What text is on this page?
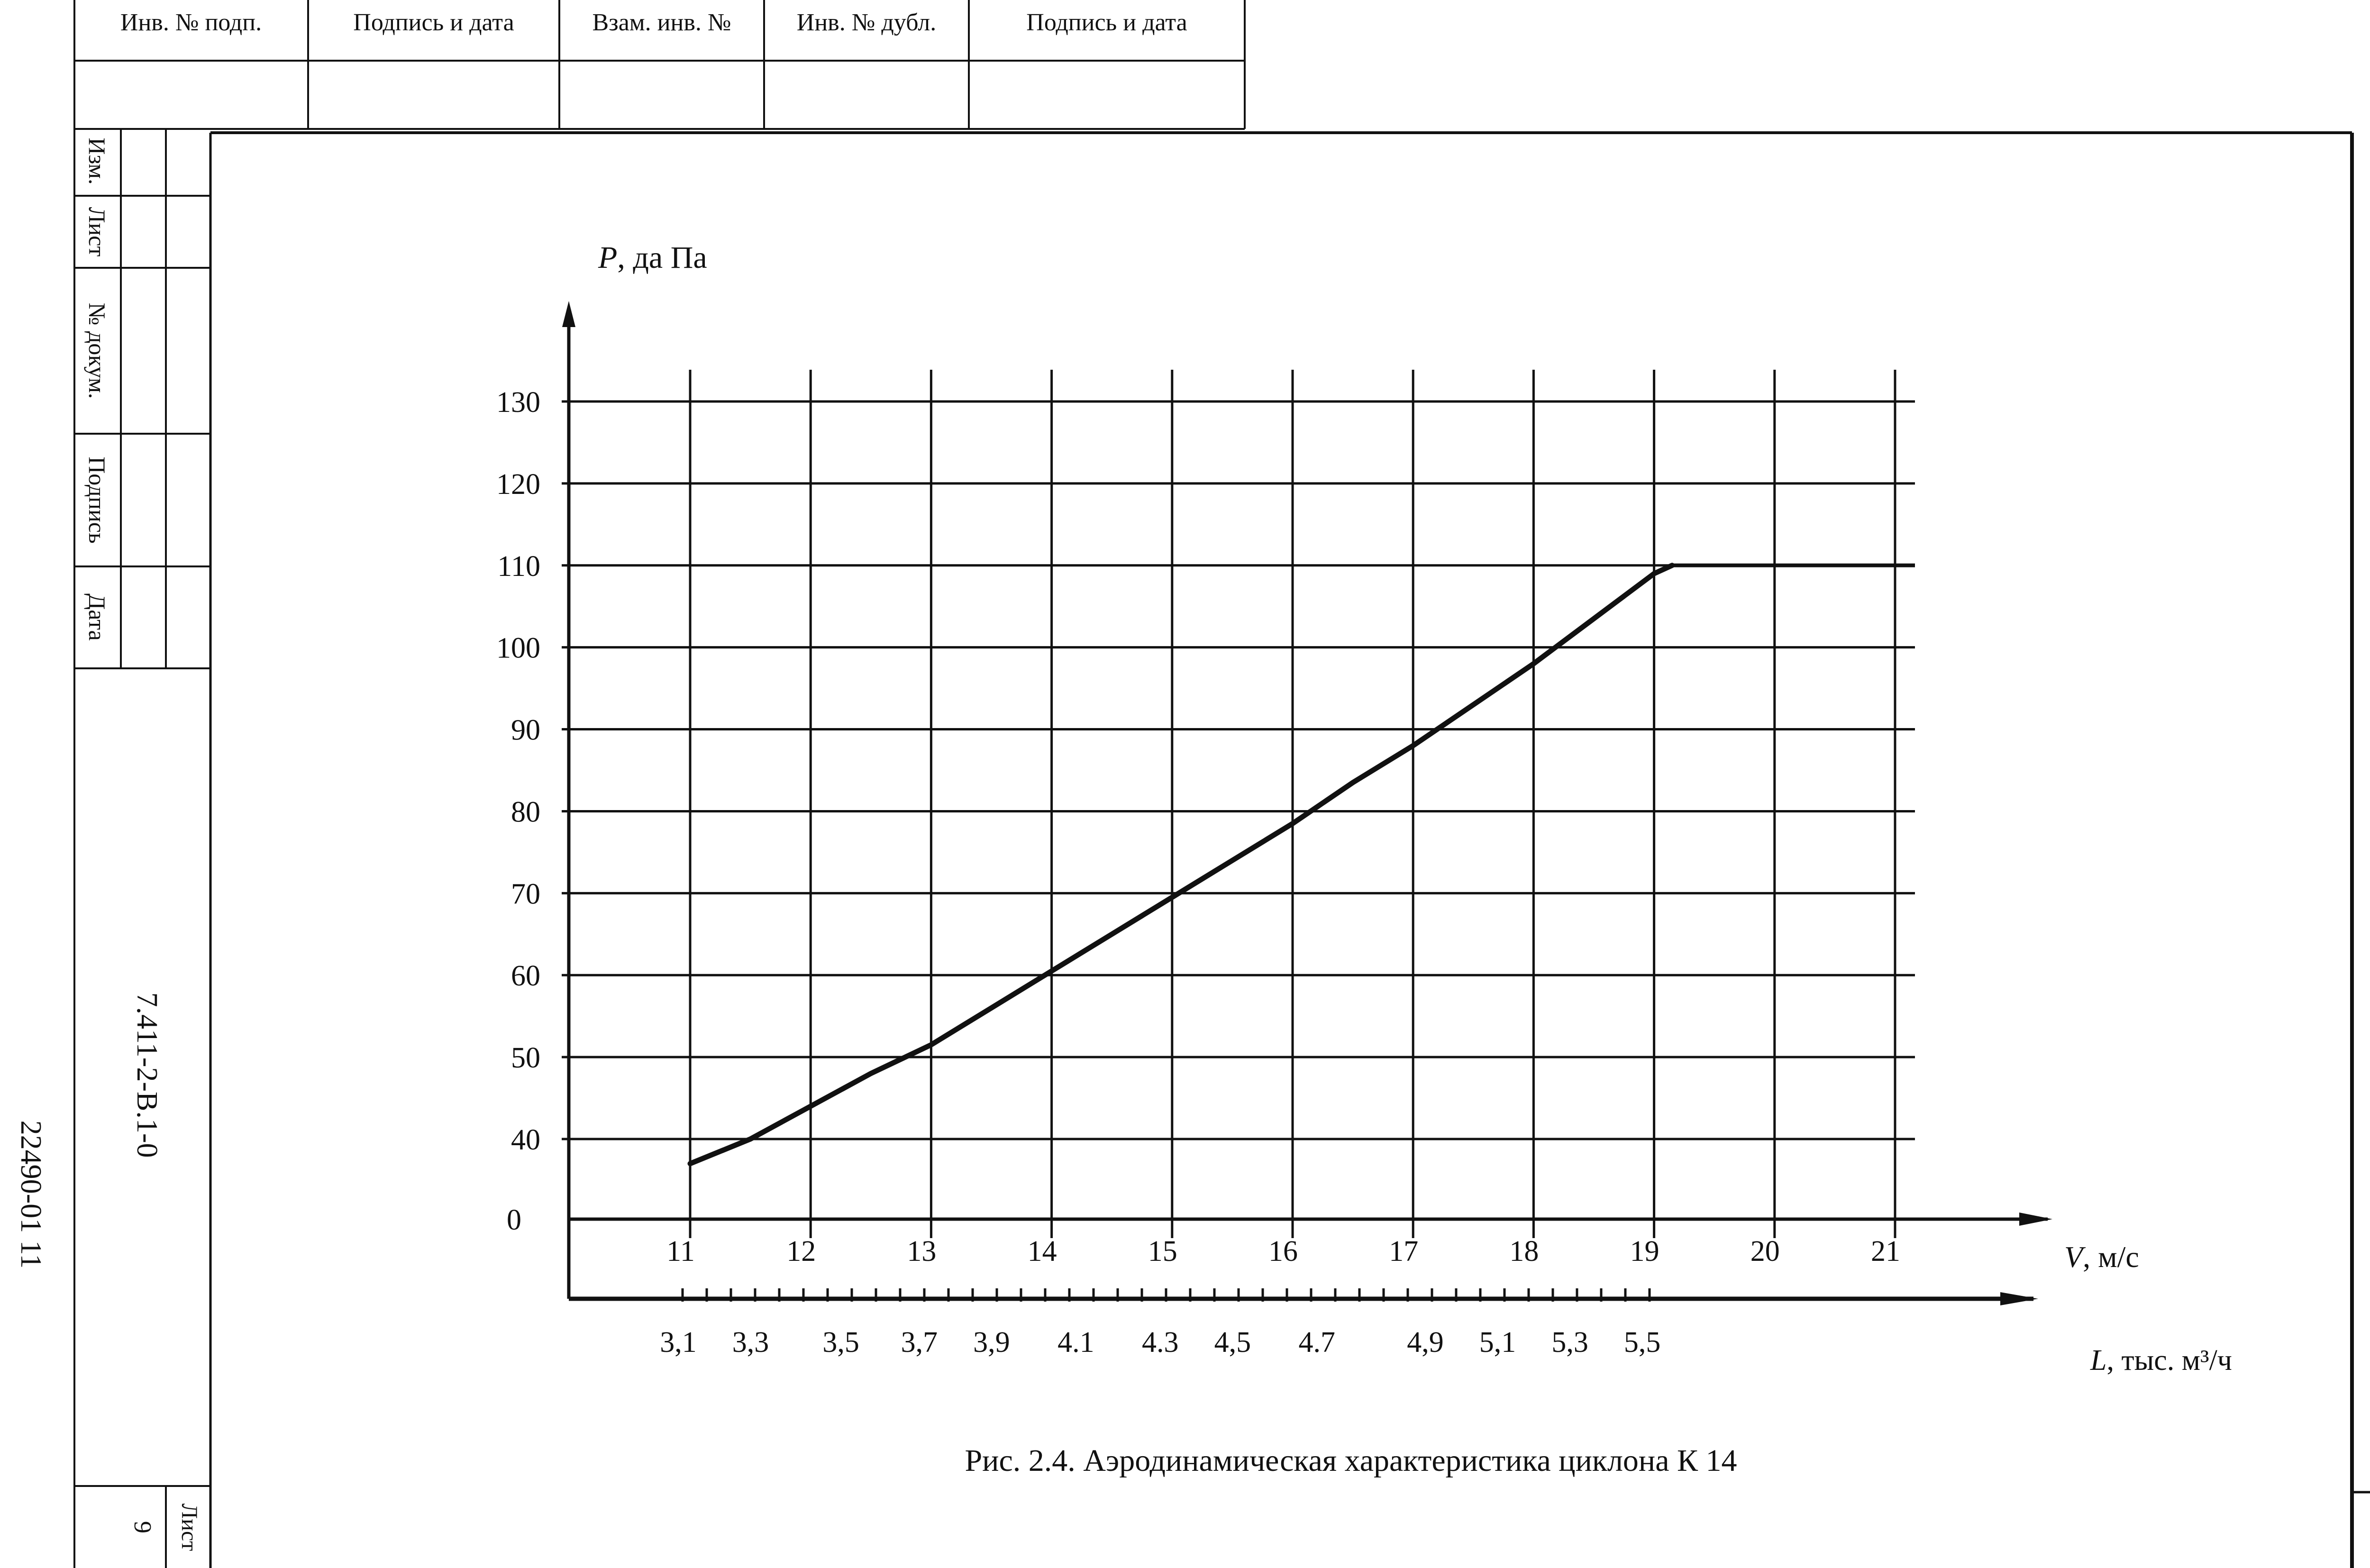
Инв. № подп.	Подпись и дата	Взам. инв. №	Инв. № дубл.	Подпись и дата
Изм.
Лист
№ докум.
Подпись
Дата
7.411-2-В.1-0
22490-01 11
Лист
9
130
120
110
100
90
80
70
60
50
40
0
11	12	13	14	15	16	17	18	19	20	21
3,1 3,3 3,5 3,7 3,9 4.1 4.3 4,5 4.7 4,9 5,1 5,3 5,5
P, да Па
V, м/с
L, тыс. м³/ч
Рис. 2.4. Аэродинамическая характеристика циклона К 14
